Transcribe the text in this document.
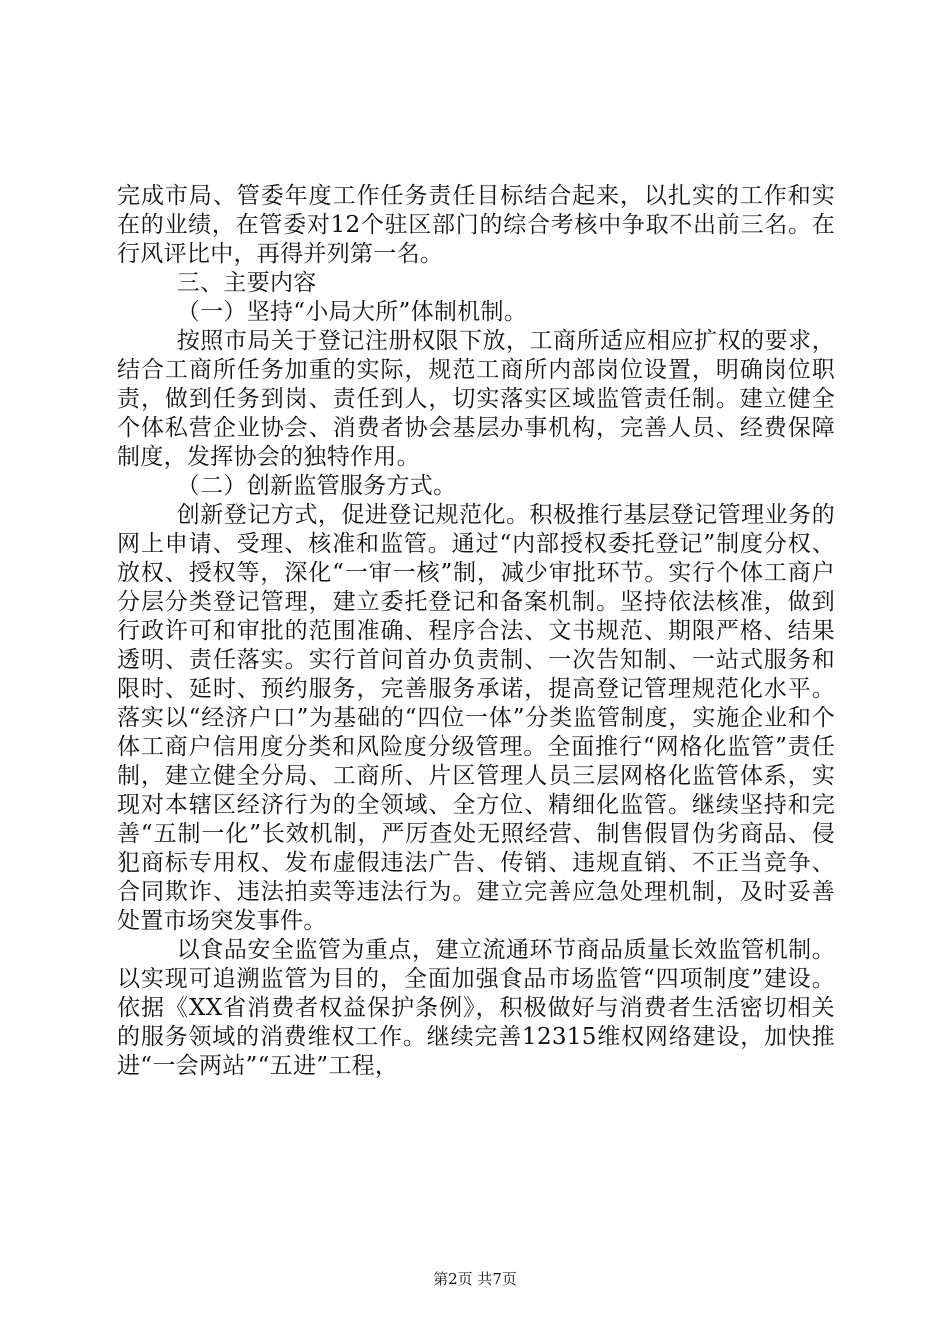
完成市局、管委年度工作任务责任目标结合起来，以扎实的工作和实在的业绩，在管委对12个驻区部门的综合考核中争取不出前三名。在行风评比中，再得并列第一名。

三、主要内容

（一）坚持“小局大所”体制机制。

按照市局关于登记注册权限下放，工商所适应相应扩权的要求，结合工商所任务加重的实际，规范工商所内部岗位设置，明确岗位职责，做到任务到岗、责任到人，切实落实区域监管责任制。建立健全个体私营企业协会、消费者协会基层办事机构，完善人员、经费保障制度，发挥协会的独特作用。

（二）创新监管服务方式。

创新登记方式，促进登记规范化。积极推行基层登记管理业务的网上申请、受理、核准和监管。通过“内部授权委托登记”制度分权、放权、授权等，深化“一审一核”制，减少审批环节。实行个体工商户分层分类登记管理，建立委托登记和备案机制。坚持依法核准，做到行政许可和审批的范围准确、程序合法、文书规范、期限严格、结果透明、责任落实。实行首问首办负责制、一次告知制、一站式服务和限时、延时、预约服务，完善服务承诺，提高登记管理规范化水平。落实以“经济户口”为基础的“四位一体”分类监管制度，实施企业和个体工商户信用度分类和风险度分级管理。全面推行“网格化监管”责任制，建立健全分局、工商所、片区管理人员三层网格化监管体系，实现对本辖区经济行为的全领域、全方位、精细化监管。继续坚持和完善“五制一化”长效机制，严厉查处无照经营、制售假冒伪劣商品、侵犯商标专用权、发布虚假违法广告、传销、违规直销、不正当竞争、合同欺诈、违法拍卖等违法行为。建立完善应急处理机制，及时妥善处置市场突发事件。

以食品安全监管为重点，建立流通环节商品质量长效监管机制。以实现可追溯监管为目的，全面加强食品市场监管“四项制度”建设。依据《XX省消费者权益保护条例》，积极做好与消费者生活密切相关的服务领域的消费维权工作。继续完善12315维权网络建设，加快推进“一会两站”“五进”工程，

第2页 共7页
